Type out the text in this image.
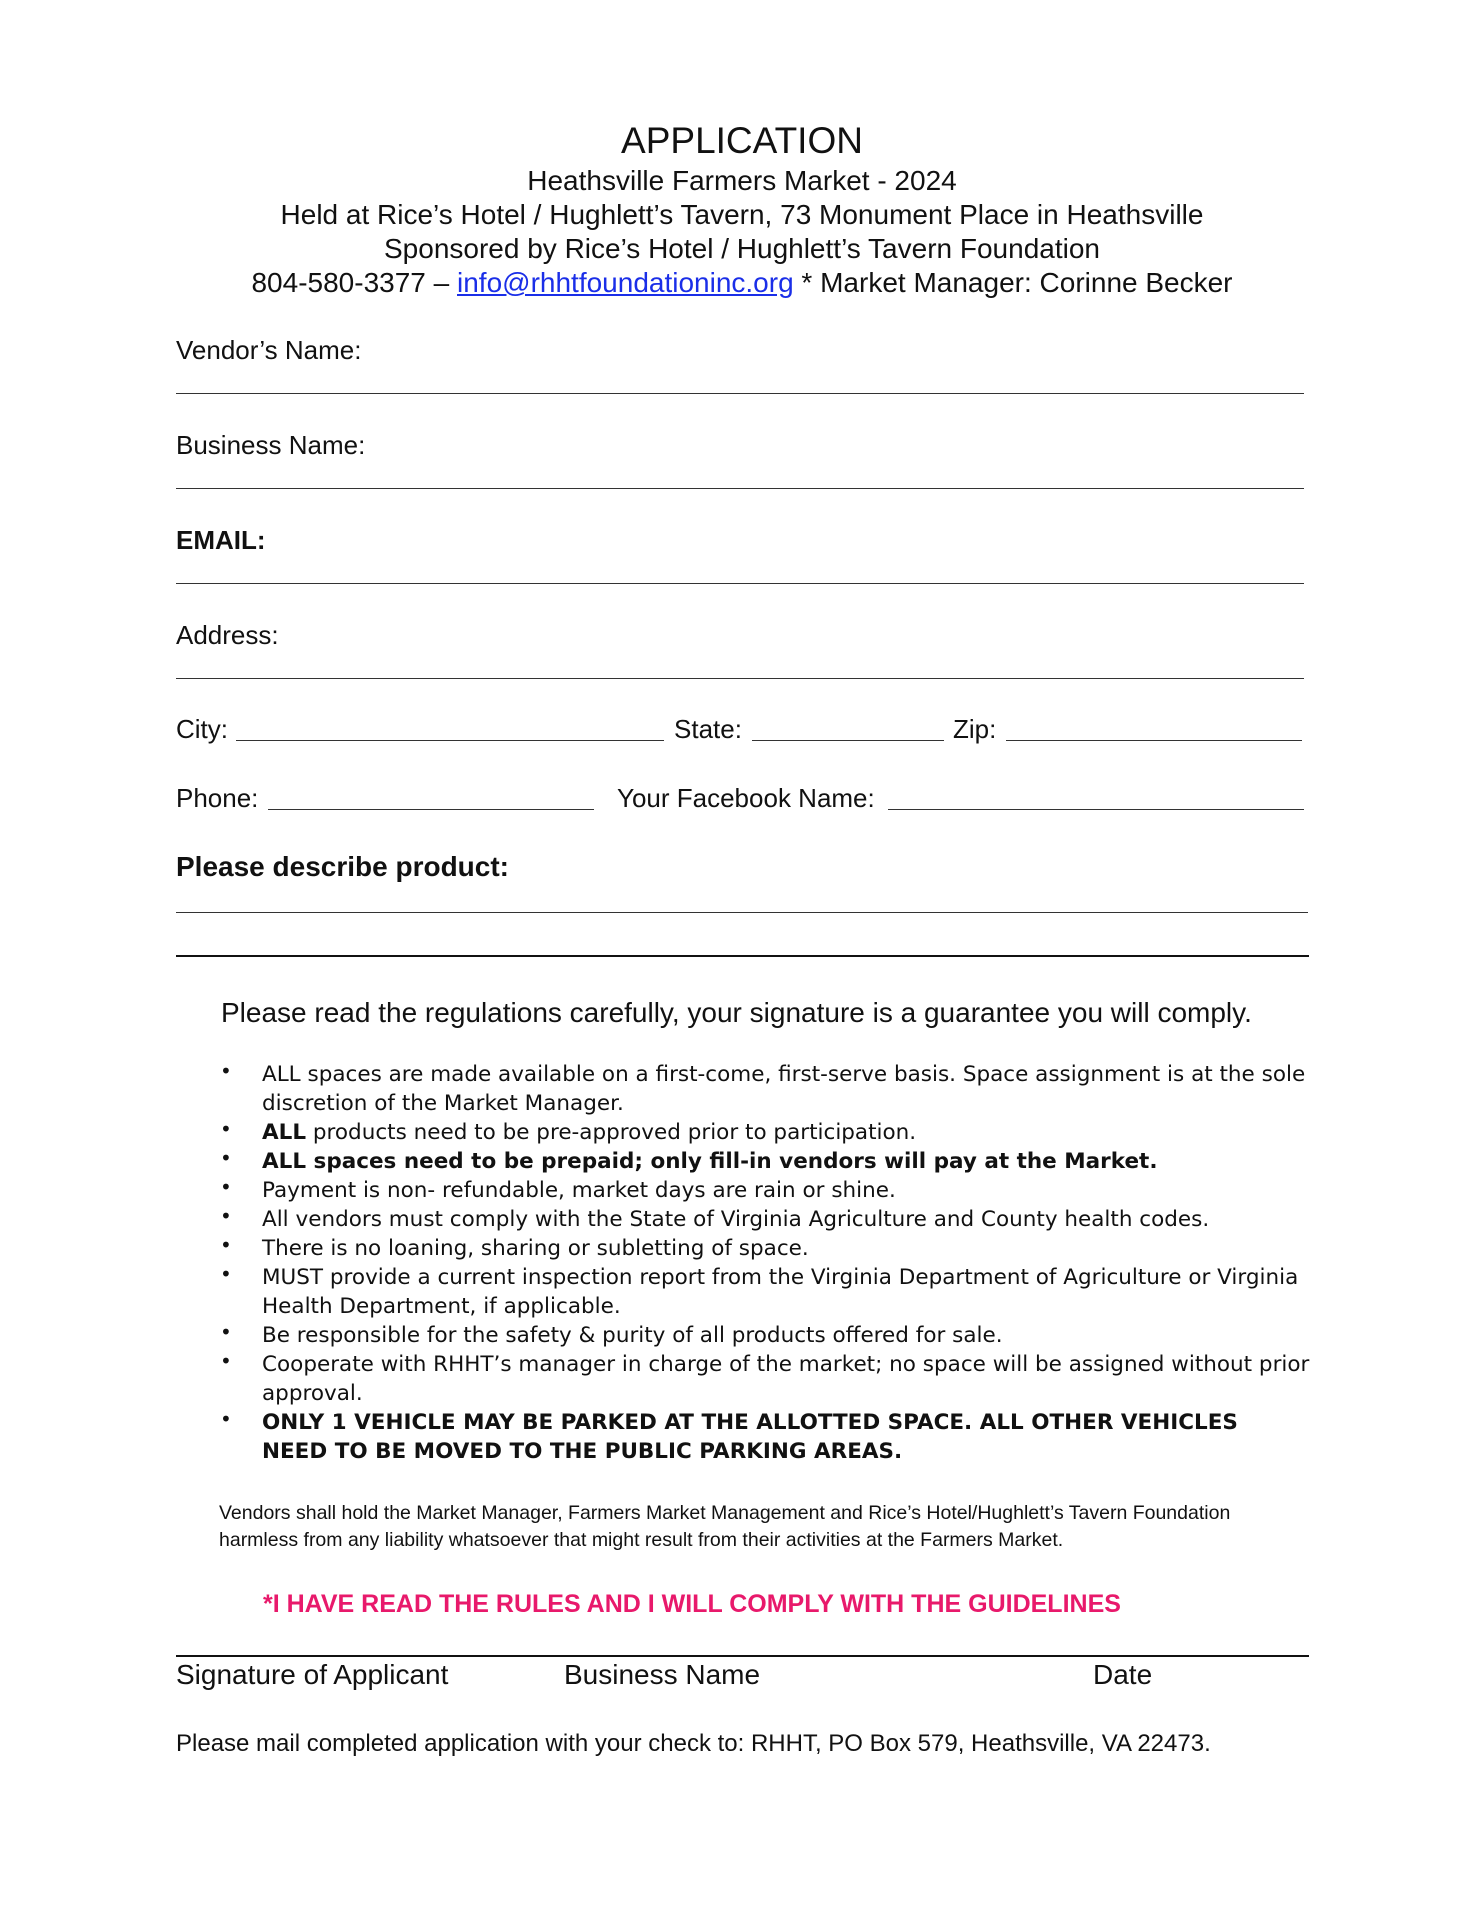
APPLICATION
Heathsville Farmers Market - 2024
Held at Rice’s Hotel / Hughlett’s Tavern, 73 Monument Place in Heathsville
Sponsored by Rice’s Hotel / Hughlett’s Tavern Foundation
804-580-3377 – info@rhhtfoundationinc.org * Market Manager: Corinne Becker
Vendor’s Name:
Business Name:
EMAIL:
Address:
City:	State:	Zip:
Phone:	Your Facebook Name:
Please describe product:
Please read the regulations carefully, your signature is a guarantee you will comply.
• ALL spaces are made available on a first-come, first-serve basis. Space assignment is at the sole discretion of the Market Manager.
• ALL products need to be pre-approved prior to participation.
• ALL spaces need to be prepaid; only fill-in vendors will pay at the Market.
• Payment is non- refundable, market days are rain or shine.
• All vendors must comply with the State of Virginia Agriculture and County health codes.
• There is no loaning, sharing or subletting of space.
• MUST provide a current inspection report from the Virginia Department of Agriculture or Virginia Health Department, if applicable.
• Be responsible for the safety & purity of all products offered for sale.
• Cooperate with RHHT’s manager in charge of the market; no space will be assigned without prior approval.
• ONLY 1 VEHICLE MAY BE PARKED AT THE ALLOTTED SPACE. ALL OTHER VEHICLES NEED TO BE MOVED TO THE PUBLIC PARKING AREAS.
Vendors shall hold the Market Manager, Farmers Market Management and Rice’s Hotel/Hughlett’s Tavern Foundation harmless from any liability whatsoever that might result from their activities at the Farmers Market.
*I HAVE READ THE RULES AND I WILL COMPLY WITH THE GUIDELINES
Signature of Applicant	Business Name	Date
Please mail completed application with your check to: RHHT, PO Box 579, Heathsville, VA 22473.
